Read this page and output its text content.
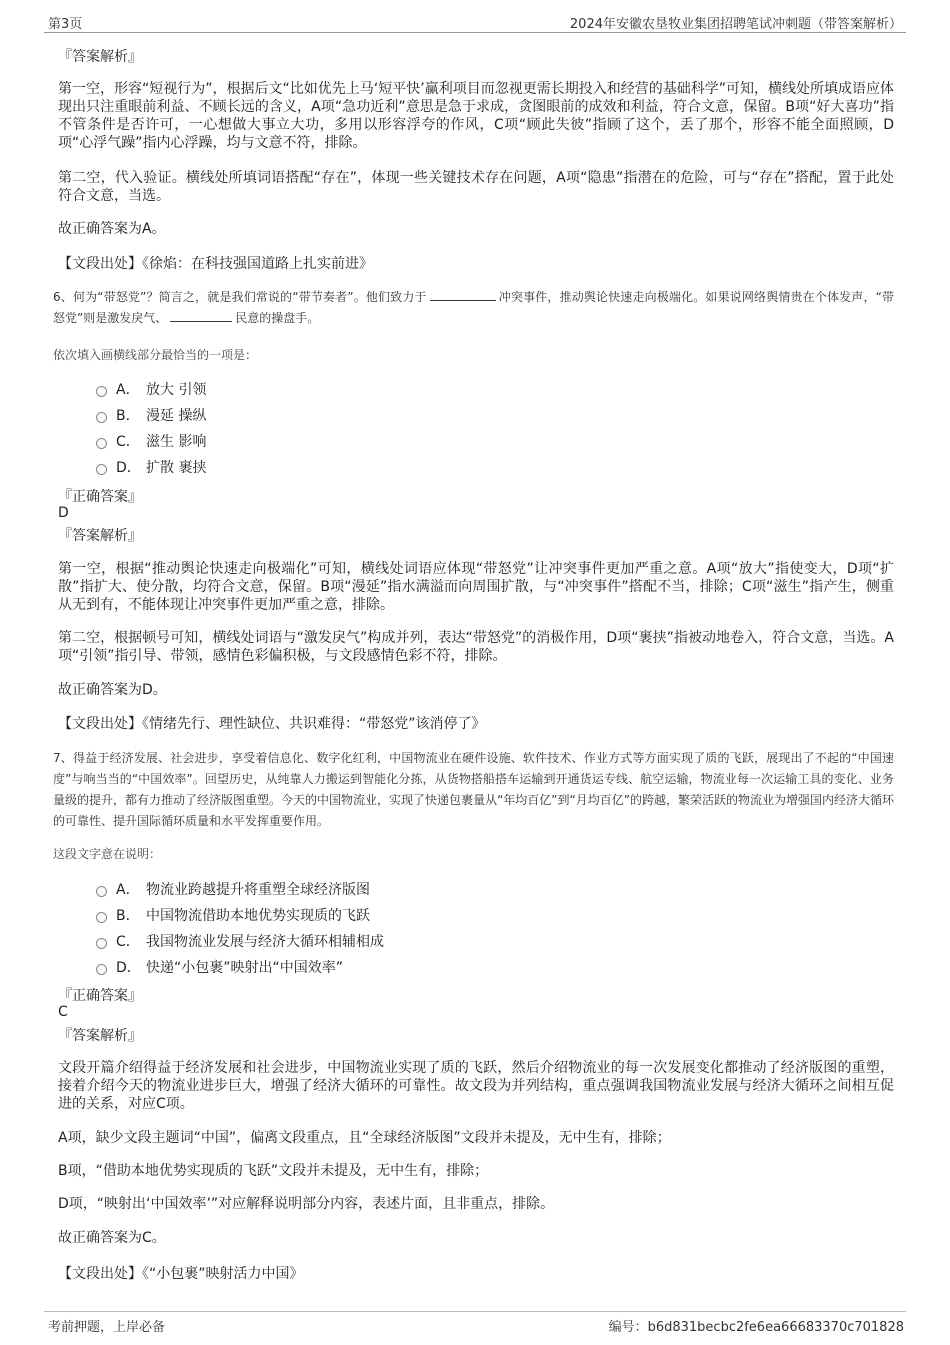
第3页	2024年安徽农垦牧业集团招聘笔试冲刺题（带答案解析）
『答案解析』
第一空，形容“短视行为”，根据后文“比如优先上马‘短平快’赢利项目而忽视更需长期投入和经营的基础科学”可知，横线处所填成语应体现出只注重眼前利益、不顾长远的含义，A项“急功近利”意思是急于求成，贪图眼前的成效和利益，符合文意，保留。B项“好大喜功”指不管条件是否许可，一心想做大事立大功，多用以形容浮夸的作风，C项“顾此失彼”指顾了这个，丢了那个，形容不能全面照顾，D项“心浮气躁”指内心浮躁，均与文意不符，排除。
第二空，代入验证。横线处所填词语搭配“存在”，体现一些关键技术存在问题，A项“隐患”指潜在的危险，可与“存在”搭配，置于此处符合文意，当选。
故正确答案为A。
【文段出处】《徐焰：在科技强国道路上扎实前进》
6、何为“带怒党”？简言之，就是我们常说的“带节奏者”。他们致力于	冲突事件，推动舆论快速走向极端化。如果说网络舆情贵在个体发声，“带怒党”则是激发戾气、	民意的操盘手。
依次填入画横线部分最恰当的一项是：
A． 放大 引领
B． 漫延 操纵
C． 滋生 影响
D． 扩散 裹挟
『正确答案』
D
『答案解析』
第一空，根据“推动舆论快速走向极端化”可知，横线处词语应体现“带怒党”让冲突事件更加严重之意。A项“放大”指使变大，D项“扩散”指扩大、使分散，均符合文意，保留。B项“漫延”指水满溢而向周围扩散，与“冲突事件”搭配不当，排除；C项“滋生”指产生，侧重从无到有，不能体现让冲突事件更加严重之意，排除。
第二空，根据顿号可知，横线处词语与“激发戾气”构成并列，表达“带怒党”的消极作用，D项“裹挟”指被动地卷入，符合文意，当选。A项“引领”指引导、带领，感情色彩偏积极，与文段感情色彩不符，排除。
故正确答案为D。
【文段出处】《情绪先行、理性缺位、共识难得：“带怒党”该消停了》
7、得益于经济发展、社会进步，享受着信息化、数字化红利，中国物流业在硬件设施、软件技术、作业方式等方面实现了质的飞跃，展现出了不起的“中国速度”与响当当的“中国效率”。回望历史，从纯靠人力搬运到智能化分拣，从货物搭船搭车运输到开通货运专线、航空运输，物流业每一次运输工具的变化、业务量级的提升，都有力推动了经济版图重塑。今天的中国物流业，实现了快递包裹量从“年均百亿”到“月均百亿”的跨越，繁荣活跃的物流业为增强国内经济大循环的可靠性、提升国际循环质量和水平发挥重要作用。
这段文字意在说明：
A． 物流业跨越提升将重塑全球经济版图
B． 中国物流借助本地优势实现质的飞跃
C． 我国物流业发展与经济大循环相辅相成
D． 快递“小包裹”映射出“中国效率”
『正确答案』
C
『答案解析』
文段开篇介绍得益于经济发展和社会进步，中国物流业实现了质的飞跃，然后介绍物流业的每一次发展变化都推动了经济版图的重塑，接着介绍今天的物流业进步巨大，增强了经济大循环的可靠性。故文段为并列结构，重点强调我国物流业发展与经济大循环之间相互促进的关系，对应C项。
A项，缺少文段主题词“中国”，偏离文段重点，且“全球经济版图”文段并未提及，无中生有，排除；
B项，“借助本地优势实现质的飞跃”文段并未提及，无中生有，排除；
D项，“映射出‘中国效率’”对应解释说明部分内容，表述片面，且非重点，排除。
故正确答案为C。
【文段出处】《“小包裹”映射活力中国》
考前押题，上岸必备	编号：b6d831becbc2fe6ea66683370c701828
